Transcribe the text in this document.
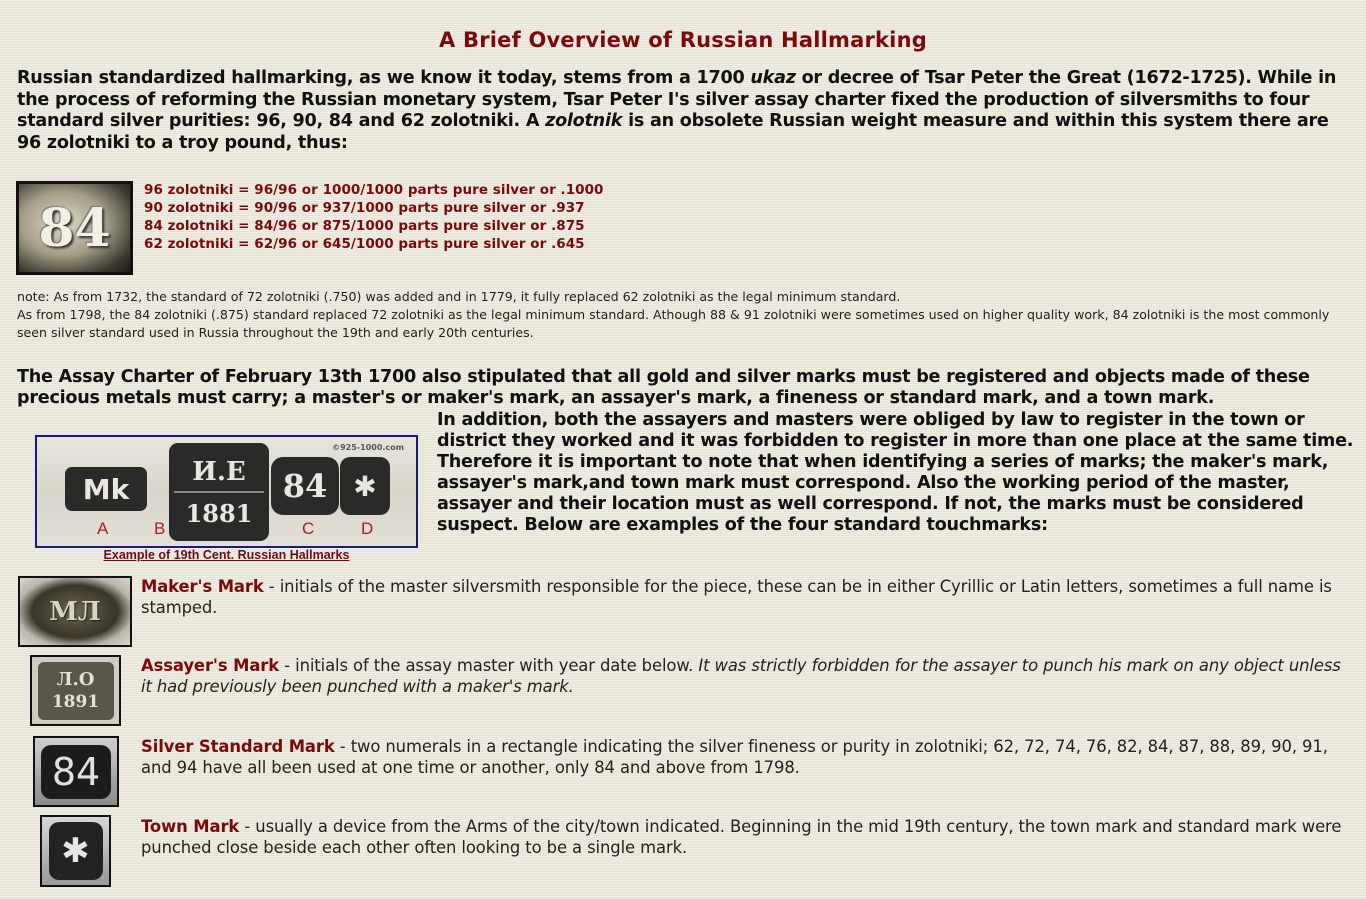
A Brief Overview of Russian Hallmarking
Russian standardized hallmarking, as we know it today, stems from a 1700 ukaz or decree of Tsar Peter the Great (1672-1725). While in the process of reforming the Russian monetary system, Tsar Peter I's silver assay charter fixed the production of silversmiths to four standard silver purities: 96, 90, 84 and 62 zolotniki. A zolotnik is an obsolete Russian weight measure and within this system there are 96 zolotniki to a troy pound, thus:
84
96 zolotniki = 96/96 or 1000/1000 parts pure silver or .1000
90 zolotniki = 90/96 or 937/1000 parts pure silver or .937
84 zolotniki = 84/96 or 875/1000 parts pure silver or .875
62 zolotniki = 62/96 or 645/1000 parts pure silver or .645
note: As from 1732, the standard of 72 zolotniki (.750) was added and in 1779, it fully replaced 62 zolotniki as the legal minimum standard.
As from 1798, the 84 zolotniki (.875) standard replaced 72 zolotniki as the legal minimum standard. Athough 88 & 91 zolotniki were sometimes used on higher quality work, 84 zolotniki is the most commonly seen silver standard used in Russia throughout the 19th and early 20th centuries.
The Assay Charter of February 13th 1700 also stipulated that all gold and silver marks must be registered and objects made of these precious metals must carry; a master's or maker's mark, an assayer's mark, a fineness or standard mark, and a town mark.
©925-1000.com
Mk
И.Е
1881
84 ✱
A	B	C	D
Example of 19th Cent. Russian Hallmarks
In addition, both the assayers and masters were obliged by law to register in the town or district they worked and it was forbidden to register in more than one place at the same time. Therefore it is important to note that when identifying a series of marks; the maker's mark, assayer's mark,and town mark must correspond. Also the working period of the master, assayer and their location must as well correspond. If not, the marks must be considered suspect. Below are examples of the four standard touchmarks:
МЛ
Maker's Mark - initials of the master silversmith responsible for the piece, these can be in either Cyrillic or Latin letters, sometimes a full name is stamped.
Л.О
1891
Assayer's Mark - initials of the assay master with year date below. It was strictly forbidden for the assayer to punch his mark on any object unless it had previously been punched with a maker's mark.
84
Silver Standard Mark - two numerals in a rectangle indicating the silver fineness or purity in zolotniki; 62, 72, 74, 76, 82, 84, 87, 88, 89, 90, 91, and 94 have all been used at one time or another, only 84 and above from 1798.
✱
Town Mark - usually a device from the Arms of the city/town indicated. Beginning in the mid 19th century, the town mark and standard mark were punched close beside each other often looking to be a single mark.
